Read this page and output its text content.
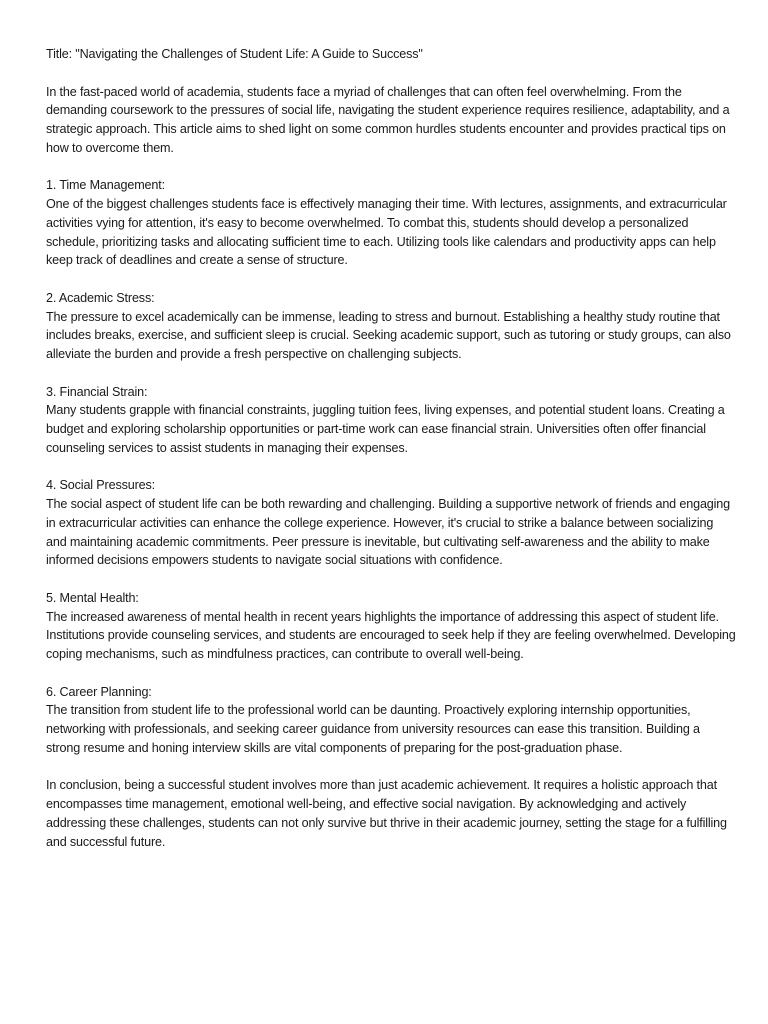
Title: "Navigating the Challenges of Student Life: A Guide to Success"

In the fast-paced world of academia, students face a myriad of challenges that can often feel overwhelming. From the demanding coursework to the pressures of social life, navigating the student experience requires resilience, adaptability, and a strategic approach. This article aims to shed light on some common hurdles students encounter and provides practical tips on how to overcome them.

1. Time Management:
One of the biggest challenges students face is effectively managing their time. With lectures, assignments, and extracurricular activities vying for attention, it's easy to become overwhelmed. To combat this, students should develop a personalized schedule, prioritizing tasks and allocating sufficient time to each. Utilizing tools like calendars and productivity apps can help keep track of deadlines and create a sense of structure.
2. Academic Stress:
The pressure to excel academically can be immense, leading to stress and burnout. Establishing a healthy study routine that includes breaks, exercise, and sufficient sleep is crucial. Seeking academic support, such as tutoring or study groups, can also alleviate the burden and provide a fresh perspective on challenging subjects.
3. Financial Strain:
Many students grapple with financial constraints, juggling tuition fees, living expenses, and potential student loans. Creating a budget and exploring scholarship opportunities or part-time work can ease financial strain. Universities often offer financial counseling services to assist students in managing their expenses.
4. Social Pressures:
The social aspect of student life can be both rewarding and challenging. Building a supportive network of friends and engaging in extracurricular activities can enhance the college experience. However, it's crucial to strike a balance between socializing and maintaining academic commitments. Peer pressure is inevitable, but cultivating self-awareness and the ability to make informed decisions empowers students to navigate social situations with confidence.
5. Mental Health:
The increased awareness of mental health in recent years highlights the importance of addressing this aspect of student life. Institutions provide counseling services, and students are encouraged to seek help if they are feeling overwhelmed. Developing coping mechanisms, such as mindfulness practices, can contribute to overall well-being.
6. Career Planning:
The transition from student life to the professional world can be daunting. Proactively exploring internship opportunities, networking with professionals, and seeking career guidance from university resources can ease this transition. Building a strong resume and honing interview skills are vital components of preparing for the post-graduation phase.

In conclusion, being a successful student involves more than just academic achievement. It requires a holistic approach that encompasses time management, emotional well-being, and effective social navigation. By acknowledging and actively addressing these challenges, students can not only survive but thrive in their academic journey, setting the stage for a fulfilling and successful future.
